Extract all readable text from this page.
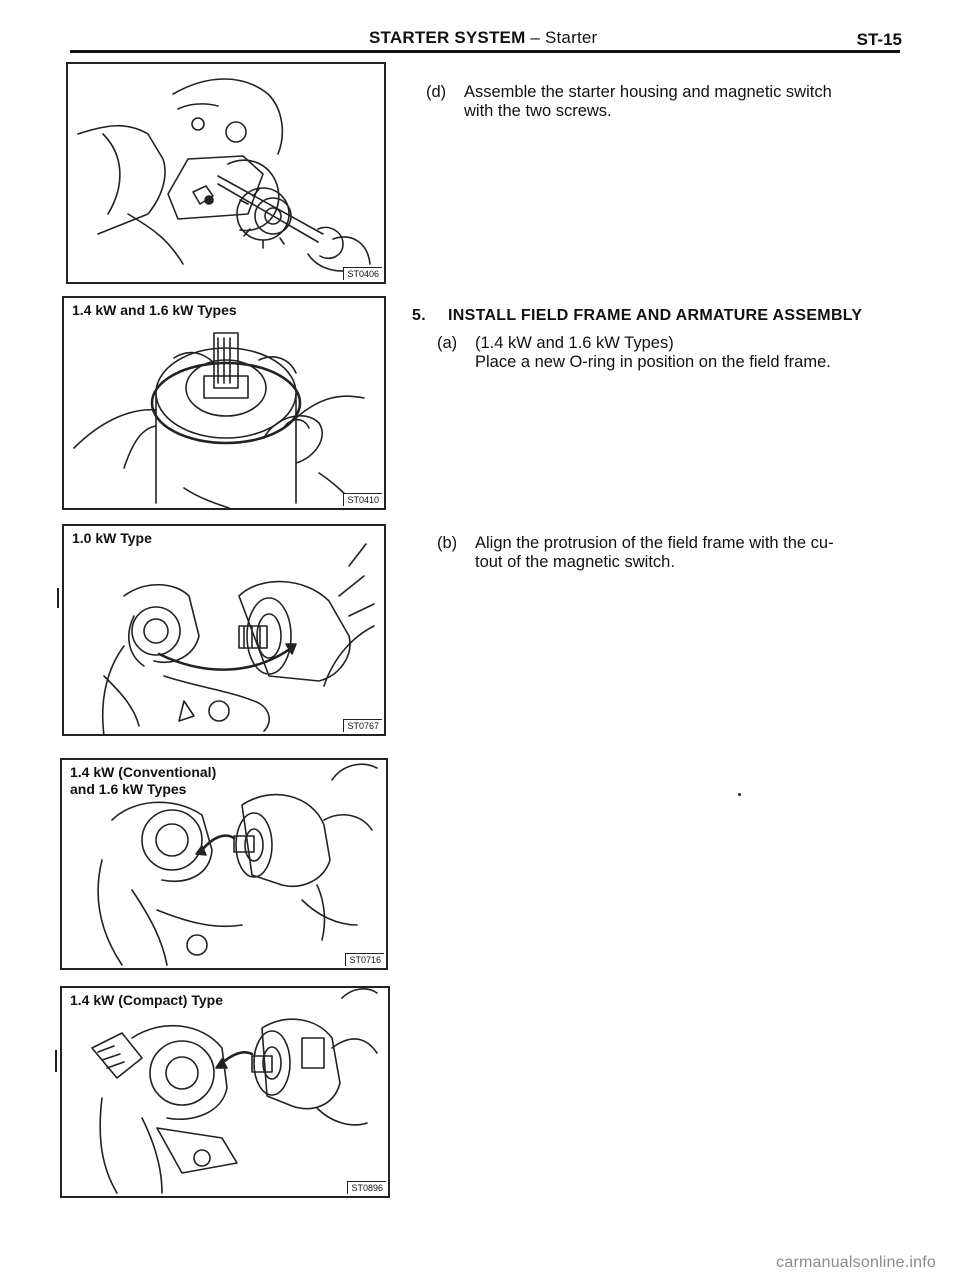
STARTER SYSTEM – Starter	ST-15
ST0406
1.4 kW and 1.6 kW Types
ST0410
1.0 kW Type
ST0767
1.4 kW (Conventional) and 1.6 kW Types
ST0716
1.4 kW (Compact) Type
ST0896
(d) Assemble the starter housing and magnetic switch
with the two screws.
5. INSTALL FIELD FRAME AND ARMATURE ASSEMBLY
(a) (1.4 kW and 1.6 kW Types)
Place a new O-ring in position on the field frame.
(b) Align the protrusion of the field frame with the cu-
tout of the magnetic switch.
carmanualsonline.info
